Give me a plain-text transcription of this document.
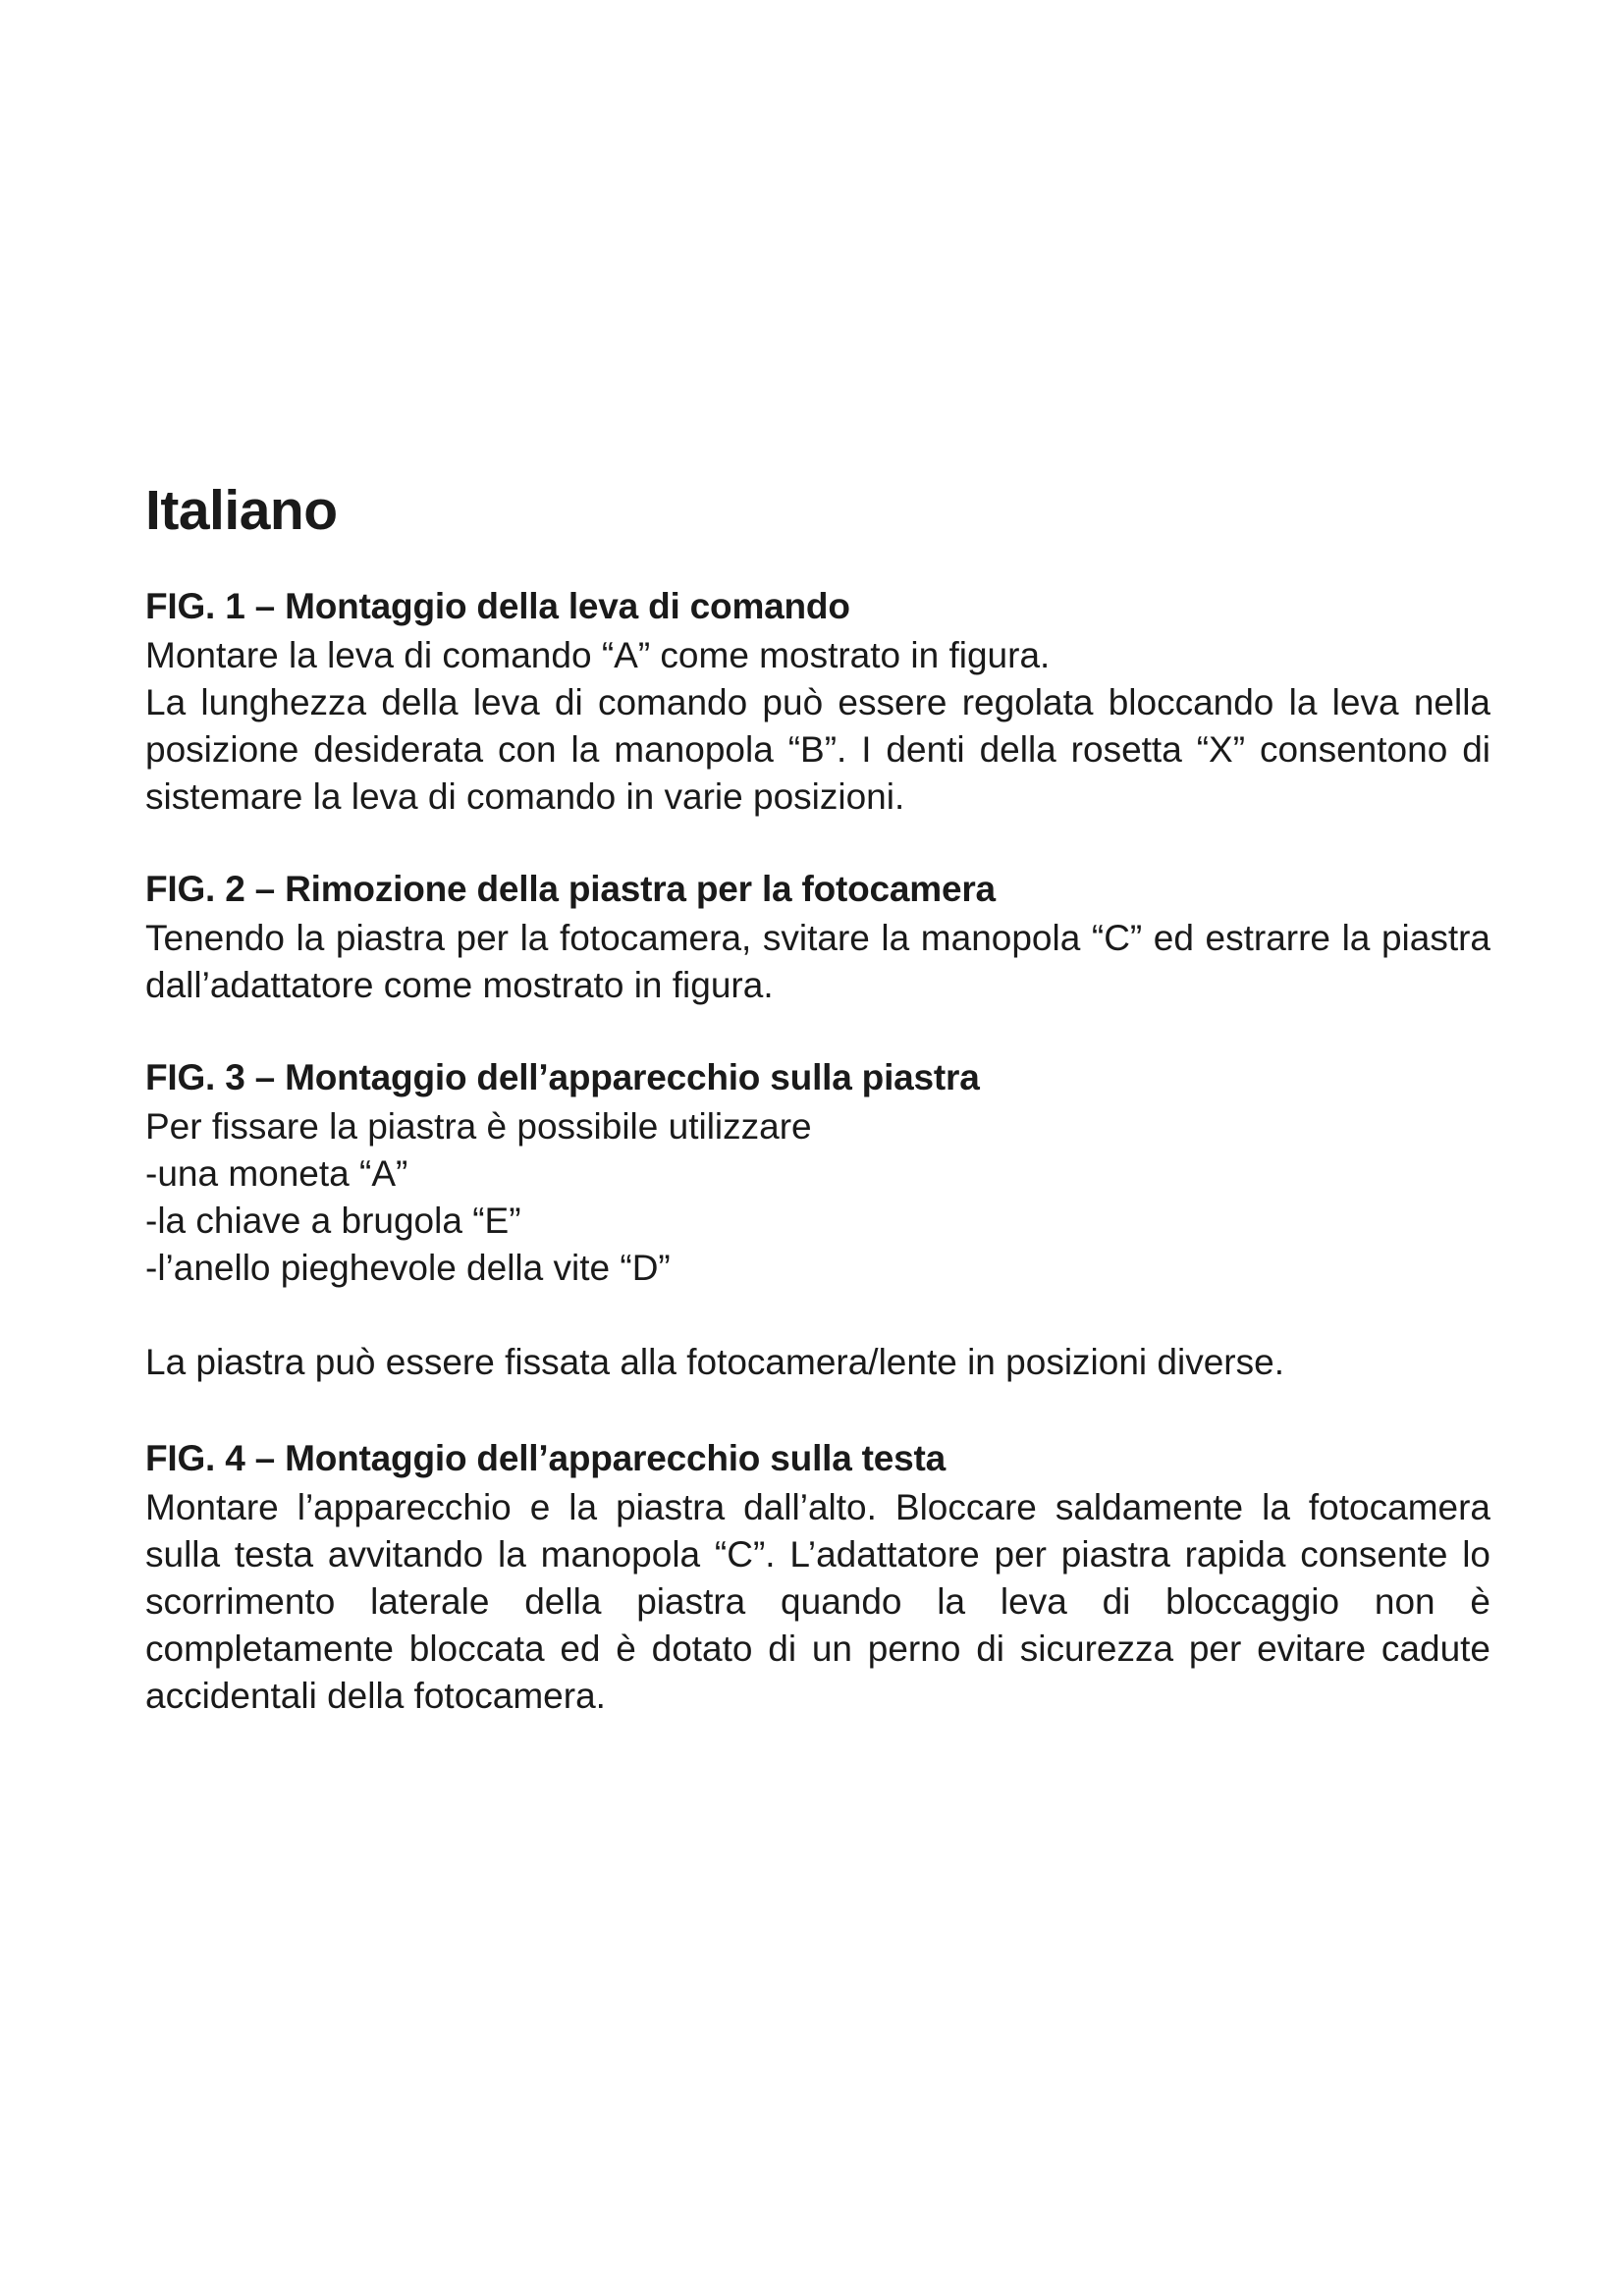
Italiano
FIG. 1 – Montaggio della leva di comando

Montare la leva di comando “A” come mostrato in figura.

La lunghezza della leva di comando può essere regolata bloccando la leva nella posizione desiderata con la manopola “B”. I denti della rosetta “X” consentono di sistemare la leva di comando in varie posizioni.

FIG. 2 – Rimozione della piastra per la fotocamera

Tenendo la piastra per la fotocamera, svitare la manopola “C” ed estrarre la piastra dall’adattatore come mostrato in figura.

FIG. 3 – Montaggio dell’apparecchio sulla piastra

Per fissare la piastra è possibile utilizzare

-una moneta “A”
-la chiave a brugola “E”
-l’anello pieghevole della vite “D”

La piastra può essere fissata alla fotocamera/lente in posizioni diverse.

FIG. 4 – Montaggio dell’apparecchio sulla testa

Montare l’apparecchio e la piastra dall’alto. Bloccare saldamente la fotocamera sulla testa avvitando la manopola “C”. L’adattatore per piastra rapida consente lo scorrimento laterale della piastra quando la leva di bloccaggio non è completamente bloccata ed è dotato di un perno di sicurezza per evitare cadute accidentali della fotocamera.
